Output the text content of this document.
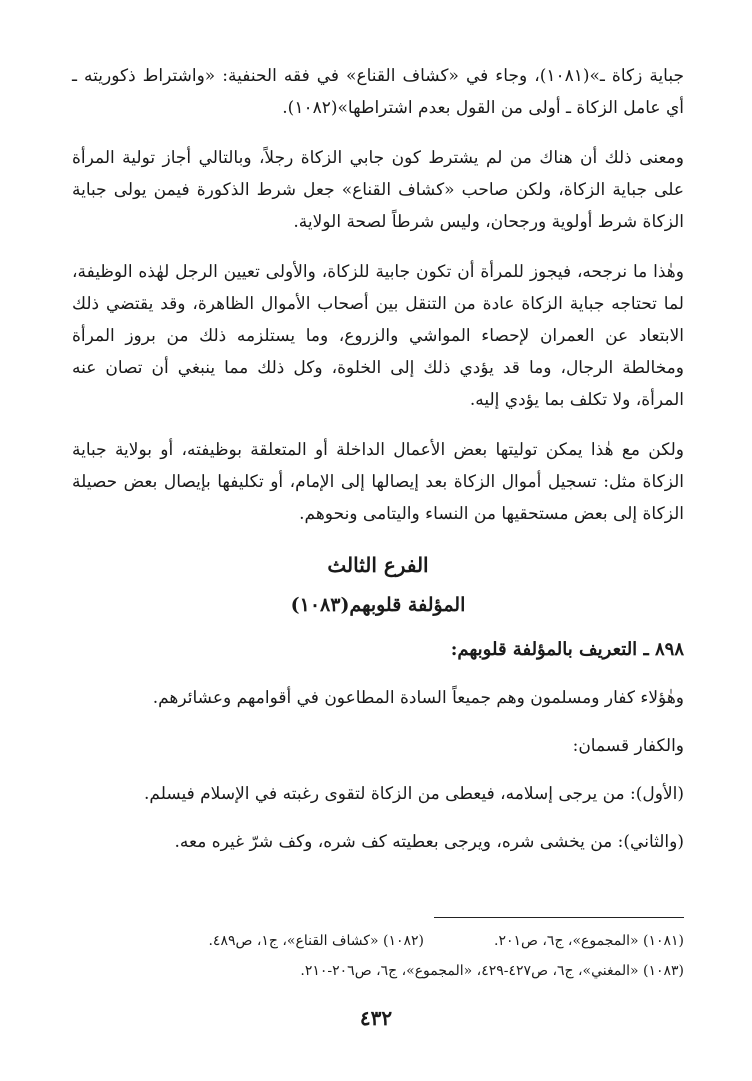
جباية زكاة ـ»(١٠٨١)، وجاء في «كشاف القناع» في فقه الحنفية: «واشتراط ذكوريته ـ أي عامل الزكاة ـ أولى من القول بعدم اشتراطها»(١٠٨٢).

ومعنى ذلك أن هناك من لم يشترط كون جابي الزكاة رجلاً، وبالتالي أجاز تولية المرأة على جباية الزكاة، ولكن صاحب «كشاف القناع» جعل شرط الذكورة فيمن يولى جباية الزكاة شرط أولوية ورجحان، وليس شرطاً لصحة الولاية.

وهٰذا ما نرجحه، فيجوز للمرأة أن تكون جابية للزكاة، والأولى تعيين الرجل لهٰذه الوظيفة، لما تحتاجه جباية الزكاة عادة من التنقل بين أصحاب الأموال الظاهرة، وقد يقتضي ذلك الابتعاد عن العمران لإحصاء المواشي والزروع، وما يستلزمه ذلك من بروز المرأة ومخالطة الرجال، وما قد يؤدي ذلك إلى الخلوة، وكل ذلك مما ينبغي أن تصان عنه المرأة، ولا تكلف بما يؤدي إليه.

ولكن مع هٰذا يمكن توليتها بعض الأعمال الداخلة أو المتعلقة بوظيفته، أو بولاية جباية الزكاة مثل: تسجيل أموال الزكاة بعد إيصالها إلى الإمام، أو تكليفها بإيصال بعض حصيلة الزكاة إلى بعض مستحقيها من النساء واليتامى ونحوهم.

الفرع الثالث
المؤلفة قلوبهم(١٠٨٣)
٨٩٨ ـ التعريف بالمؤلفة قلوبهم:

وهٰؤلاء كفار ومسلمون وهم جميعاً السادة المطاعون في أقوامهم وعشائرهم.

والكفار قسمان:

(الأول): من يرجى إسلامه، فيعطى من الزكاة لتقوى رغبته في الإسلام فيسلم.

(والثاني): من يخشى شره، ويرجى بعطيته كف شره، وكف شرّ غيره معه.

(١٠٨١) «المجموع»، ج٦، ص٢٠١.
(١٠٨٢) «كشاف القناع»، ج١، ص٤٨٩.
(١٠٨٣) «المغني»، ج٦، ص٤٢٧-٤٢٩، «المجموع»، ج٦، ص٢٠٦-٢١٠.
٤٣٢
